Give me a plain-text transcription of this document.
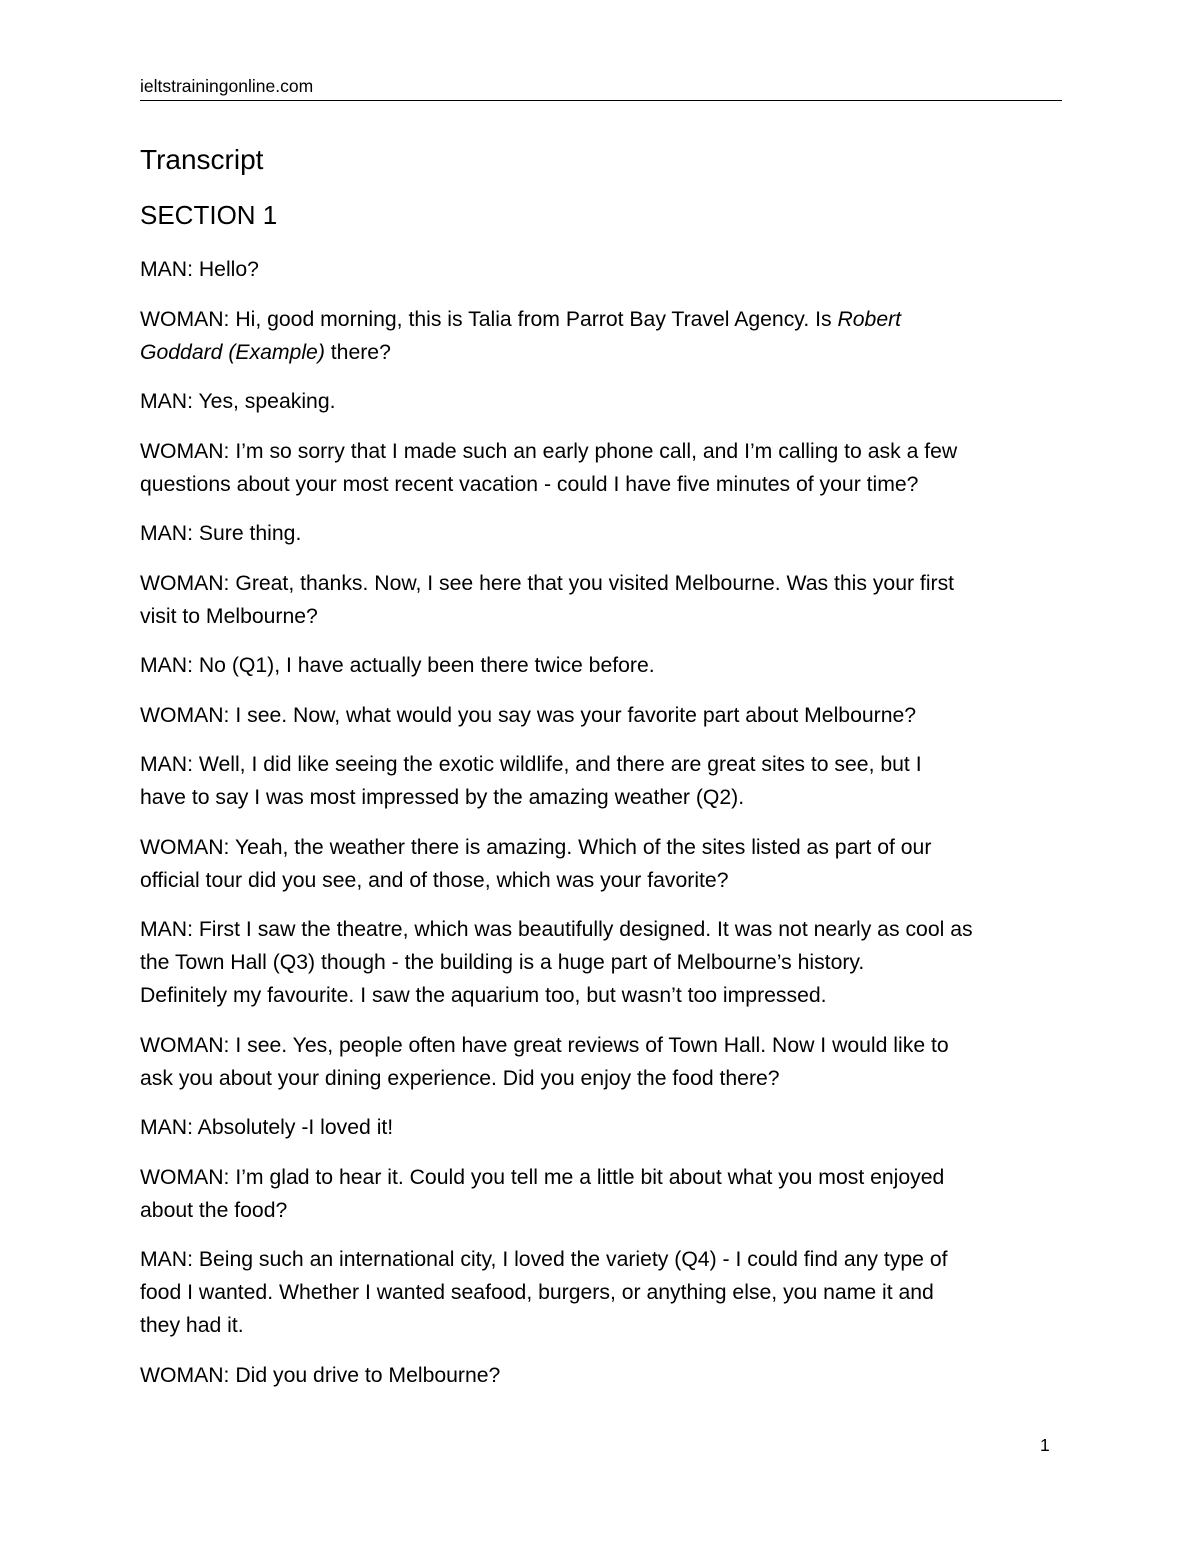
ieltstrainingonline.com
Transcript
SECTION 1

MAN: Hello?

WOMAN: Hi, good morning, this is Talia from Parrot Bay Travel Agency. Is Robert
Goddard (Example) there?

MAN: Yes, speaking.

WOMAN: I’m so sorry that I made such an early phone call, and I’m calling to ask a few
questions about your most recent vacation - could I have five minutes of your time?

MAN: Sure thing.

WOMAN: Great, thanks. Now, I see here that you visited Melbourne. Was this your first
visit to Melbourne?

MAN: No (Q1), I have actually been there twice before.

WOMAN: I see. Now, what would you say was your favorite part about Melbourne?

MAN: Well, I did like seeing the exotic wildlife, and there are great sites to see, but I
have to say I was most impressed by the amazing weather (Q2).

WOMAN: Yeah, the weather there is amazing. Which of the sites listed as part of our
official tour did you see, and of those, which was your favorite?

MAN: First I saw the theatre, which was beautifully designed. It was not nearly as cool as
the Town Hall (Q3) though - the building is a huge part of Melbourne’s history.
Definitely my favourite. I saw the aquarium too, but wasn’t too impressed.

WOMAN: I see. Yes, people often have great reviews of Town Hall. Now I would like to
ask you about your dining experience. Did you enjoy the food there?

MAN: Absolutely -I loved it!

WOMAN: I’m glad to hear it. Could you tell me a little bit about what you most enjoyed
about the food?

MAN: Being such an international city, I loved the variety (Q4) - I could find any type of
food I wanted. Whether I wanted seafood, burgers, or anything else, you name it and
they had it.

WOMAN: Did you drive to Melbourne?

1
